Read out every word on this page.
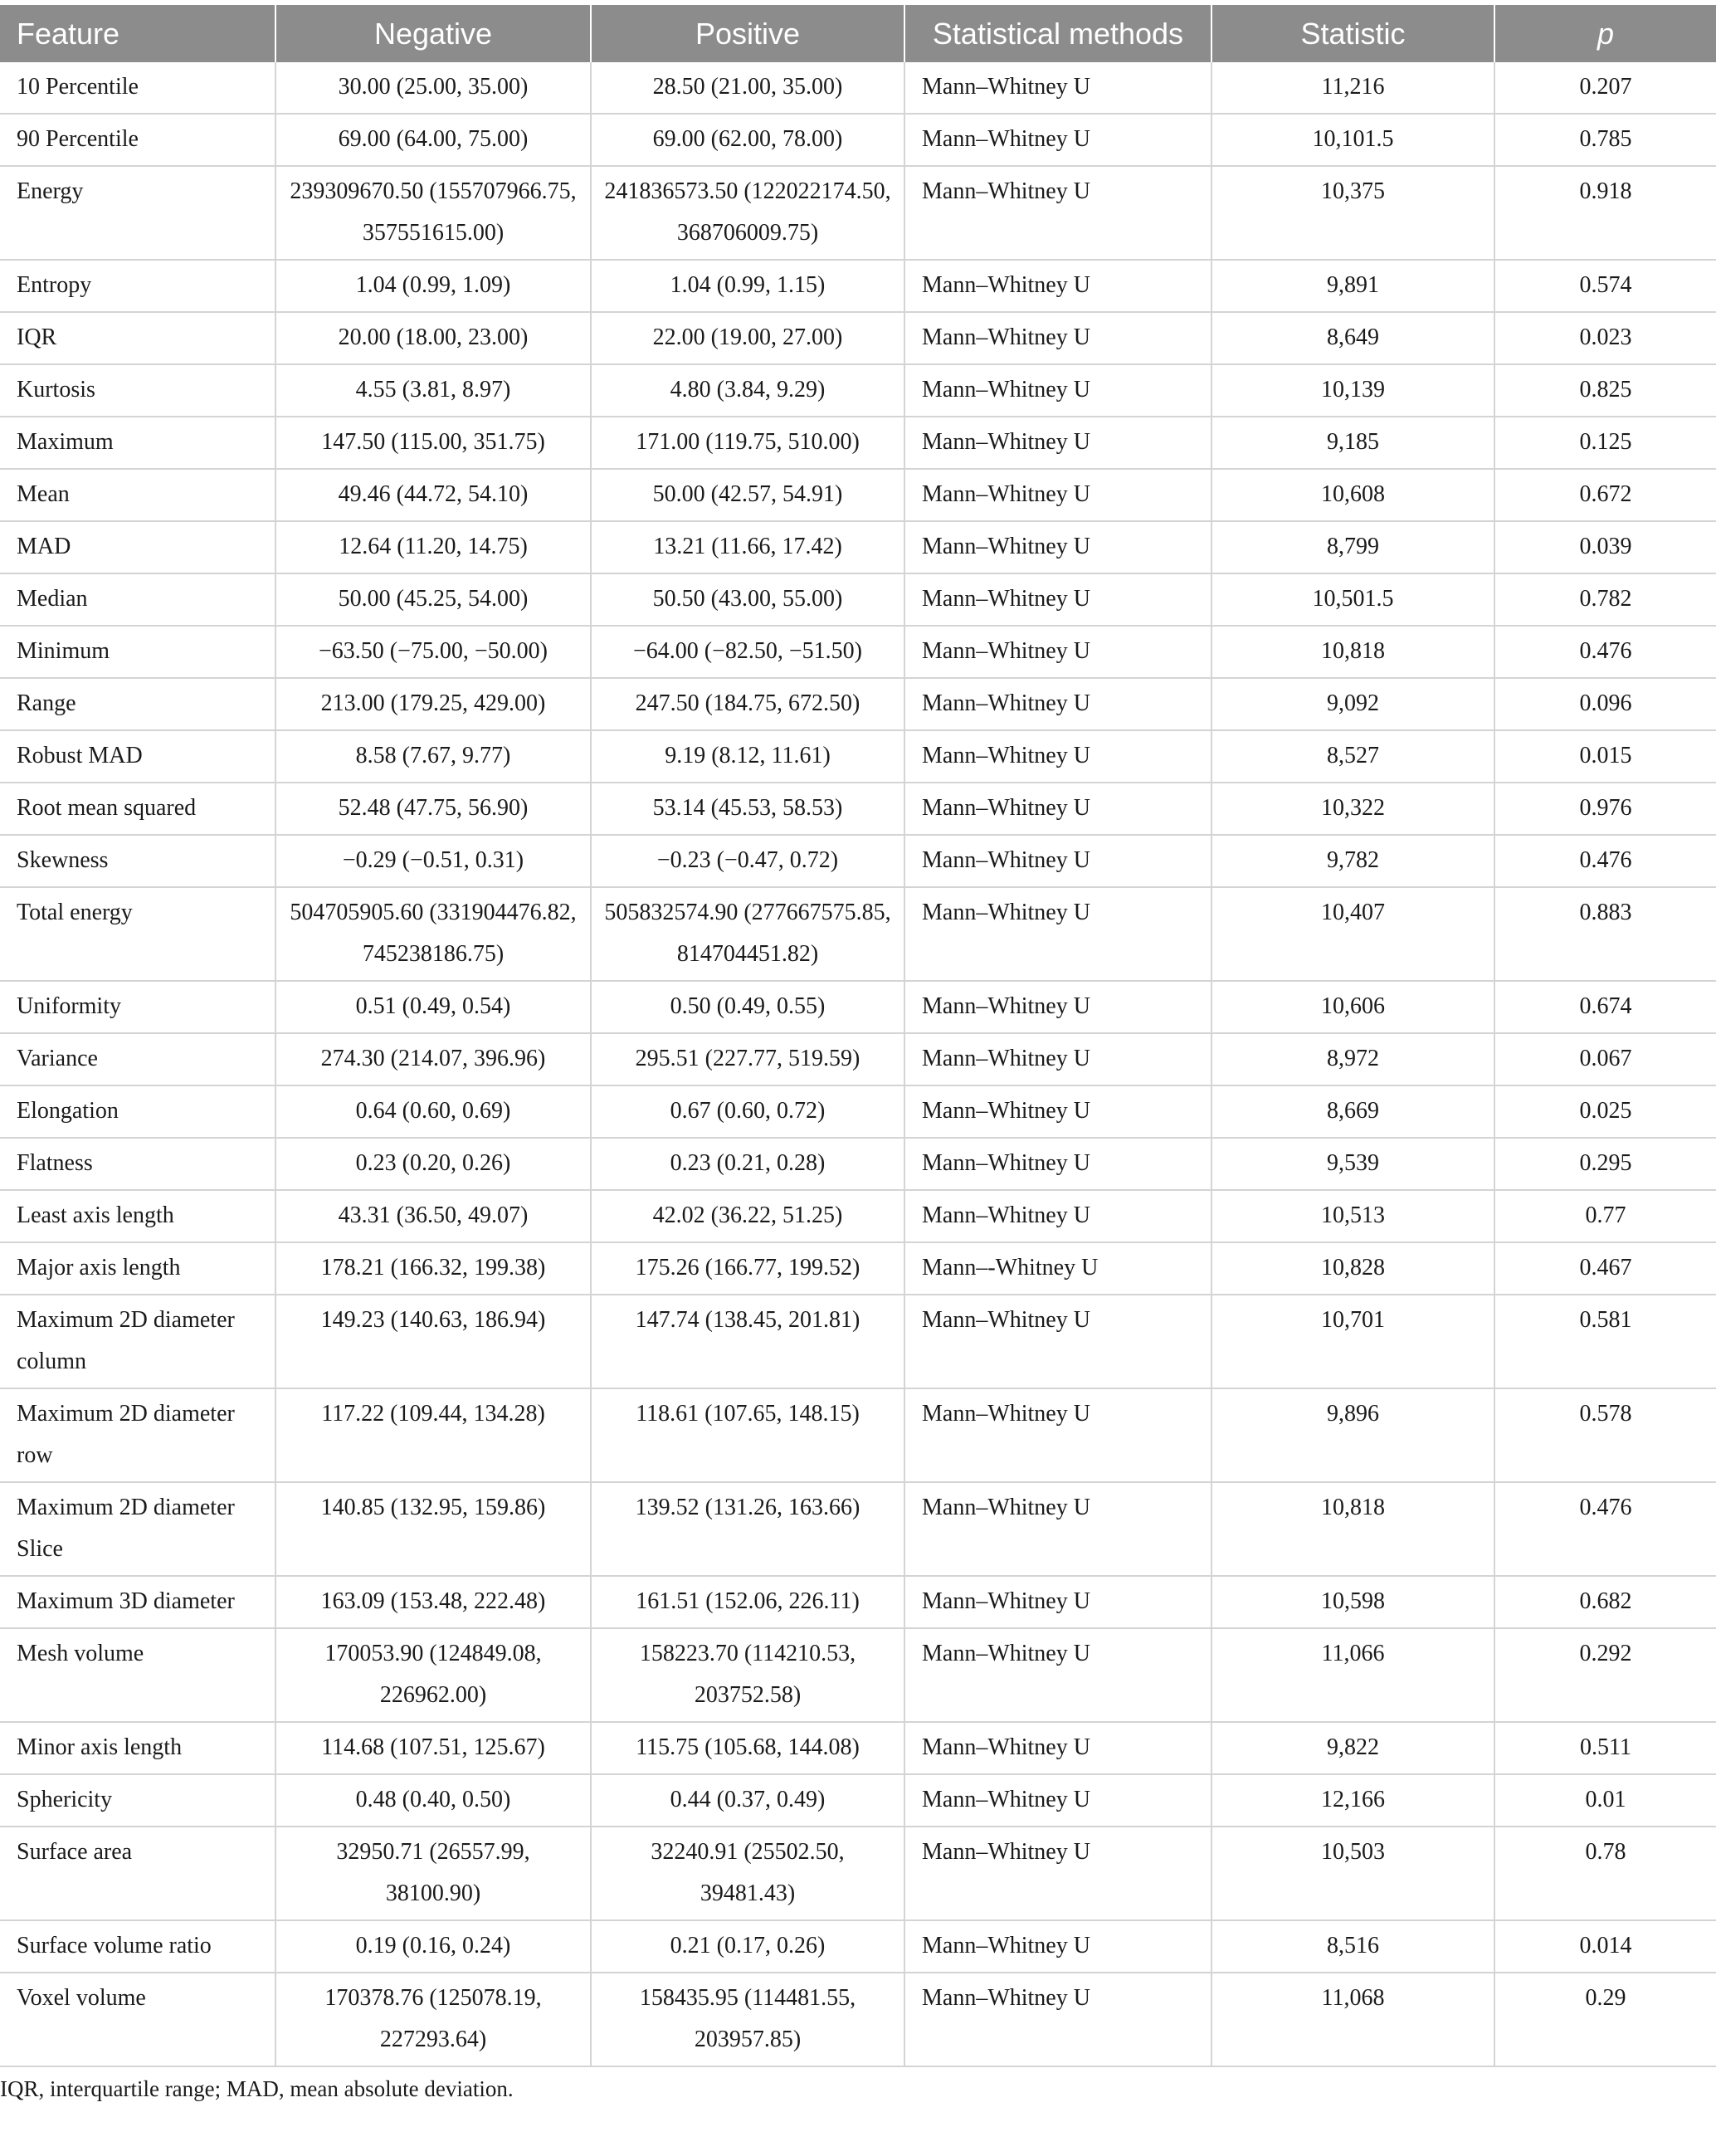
Feature	Negative	Positive	Statistical methods	Statistic	p
10 Percentile	30.00 (25.00, 35.00)	28.50 (21.00, 35.00)	Mann–Whitney U	11,216	0.207
90 Percentile	69.00 (64.00, 75.00)	69.00 (62.00, 78.00)	Mann–Whitney U	10,101.5	0.785
Energy	239309670.50 (155707966.75, 357551615.00)	241836573.50 (122022174.50, 368706009.75)	Mann–Whitney U	10,375	0.918
Entropy	1.04 (0.99, 1.09)	1.04 (0.99, 1.15)	Mann–Whitney U	9,891	0.574
IQR	20.00 (18.00, 23.00)	22.00 (19.00, 27.00)	Mann–Whitney U	8,649	0.023
Kurtosis	4.55 (3.81, 8.97)	4.80 (3.84, 9.29)	Mann–Whitney U	10,139	0.825
Maximum	147.50 (115.00, 351.75)	171.00 (119.75, 510.00)	Mann–Whitney U	9,185	0.125
Mean	49.46 (44.72, 54.10)	50.00 (42.57, 54.91)	Mann–Whitney U	10,608	0.672
MAD	12.64 (11.20, 14.75)	13.21 (11.66, 17.42)	Mann–Whitney U	8,799	0.039
Median	50.00 (45.25, 54.00)	50.50 (43.00, 55.00)	Mann–Whitney U	10,501.5	0.782
Minimum	−63.50 (−75.00, −50.00)	−64.00 (−82.50, −51.50)	Mann–Whitney U	10,818	0.476
Range	213.00 (179.25, 429.00)	247.50 (184.75, 672.50)	Mann–Whitney U	9,092	0.096
Robust MAD	8.58 (7.67, 9.77)	9.19 (8.12, 11.61)	Mann–Whitney U	8,527	0.015
Root mean squared	52.48 (47.75, 56.90)	53.14 (45.53, 58.53)	Mann–Whitney U	10,322	0.976
Skewness	−0.29 (−0.51, 0.31)	−0.23 (−0.47, 0.72)	Mann–Whitney U	9,782	0.476
Total energy	504705905.60 (331904476.82, 745238186.75)	505832574.90 (277667575.85, 814704451.82)	Mann–Whitney U	10,407	0.883
Uniformity	0.51 (0.49, 0.54)	0.50 (0.49, 0.55)	Mann–Whitney U	10,606	0.674
Variance	274.30 (214.07, 396.96)	295.51 (227.77, 519.59)	Mann–Whitney U	8,972	0.067
Elongation	0.64 (0.60, 0.69)	0.67 (0.60, 0.72)	Mann–Whitney U	8,669	0.025
Flatness	0.23 (0.20, 0.26)	0.23 (0.21, 0.28)	Mann–Whitney U	9,539	0.295
Least axis length	43.31 (36.50, 49.07)	42.02 (36.22, 51.25)	Mann–Whitney U	10,513	0.77
Major axis length	178.21 (166.32, 199.38)	175.26 (166.77, 199.52)	Mann–-Whitney U	10,828	0.467
Maximum 2D diameter column	149.23 (140.63, 186.94)	147.74 (138.45, 201.81)	Mann–Whitney U	10,701	0.581
Maximum 2D diameter row	117.22 (109.44, 134.28)	118.61 (107.65, 148.15)	Mann–Whitney U	9,896	0.578
Maximum 2D diameter Slice	140.85 (132.95, 159.86)	139.52 (131.26, 163.66)	Mann–Whitney U	10,818	0.476
Maximum 3D diameter	163.09 (153.48, 222.48)	161.51 (152.06, 226.11)	Mann–Whitney U	10,598	0.682
Mesh volume	170053.90 (124849.08, 226962.00)	158223.70 (114210.53, 203752.58)	Mann–Whitney U	11,066	0.292
Minor axis length	114.68 (107.51, 125.67)	115.75 (105.68, 144.08)	Mann–Whitney U	9,822	0.511
Sphericity	0.48 (0.40, 0.50)	0.44 (0.37, 0.49)	Mann–Whitney U	12,166	0.01
Surface area	32950.71 (26557.99, 38100.90)	32240.91 (25502.50, 39481.43)	Mann–Whitney U	10,503	0.78
Surface volume ratio	0.19 (0.16, 0.24)	0.21 (0.17, 0.26)	Mann–Whitney U	8,516	0.014
Voxel volume	170378.76 (125078.19, 227293.64)	158435.95 (114481.55, 203957.85)	Mann–Whitney U	11,068	0.29
IQR, interquartile range; MAD, mean absolute deviation.
